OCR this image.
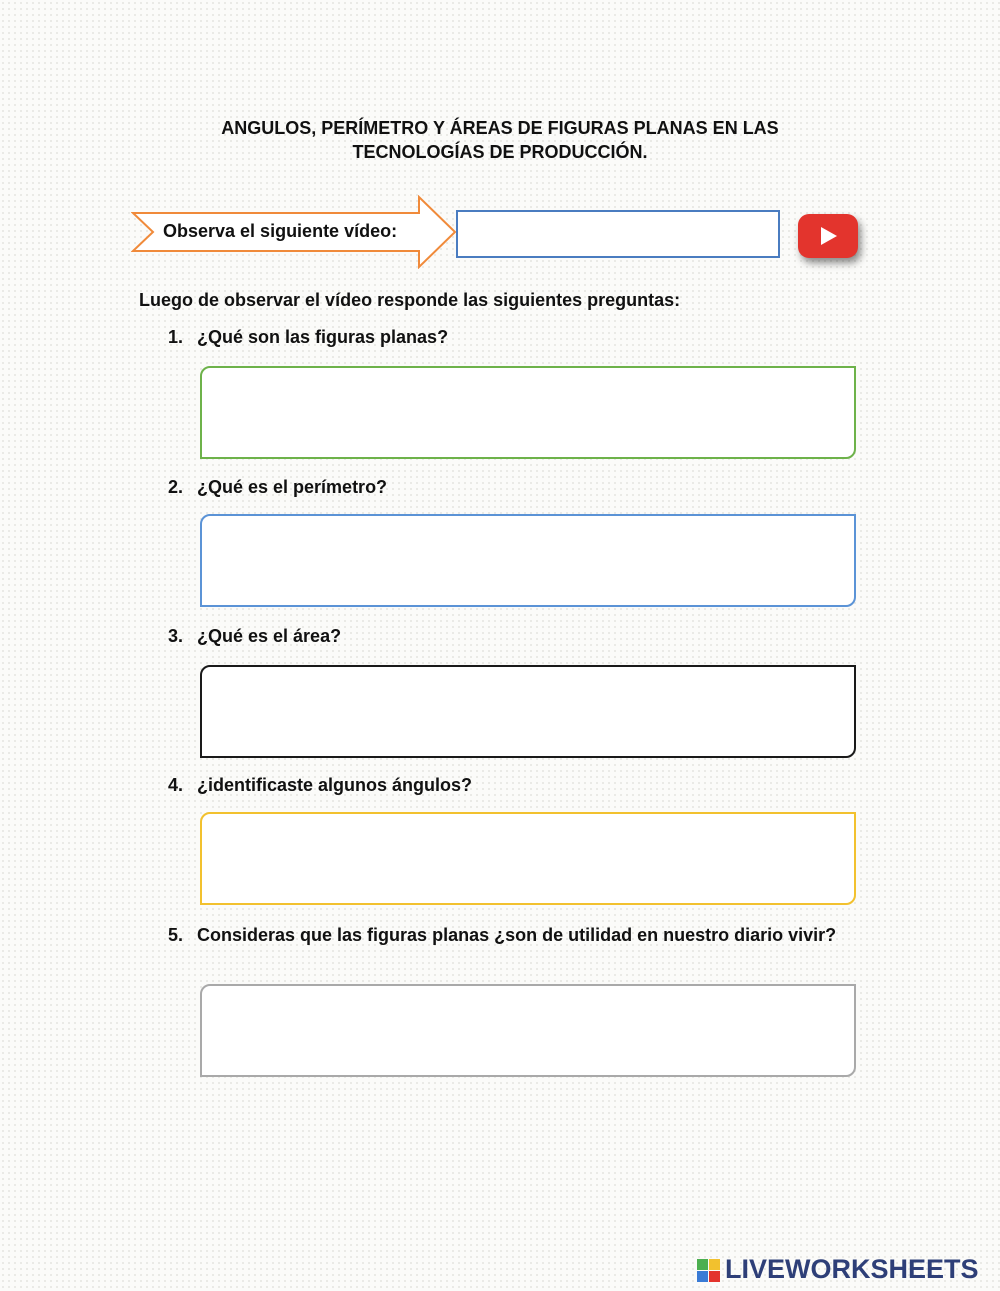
ANGULOS, PERÍMETRO Y ÁREAS DE FIGURAS PLANAS EN LAS
TECNOLOGÍAS DE PRODUCCIÓN.
Observa el siguiente vídeo:
Luego de observar el vídeo responde las siguientes preguntas:
1. ¿Qué son las figuras planas?
2. ¿Qué es el perímetro?
3. ¿Qué es el área?
4. ¿identificaste algunos ángulos?
5. Consideras que las figuras planas ¿son de utilidad en nuestro diario vivir?
LIVEWORKSHEETS
